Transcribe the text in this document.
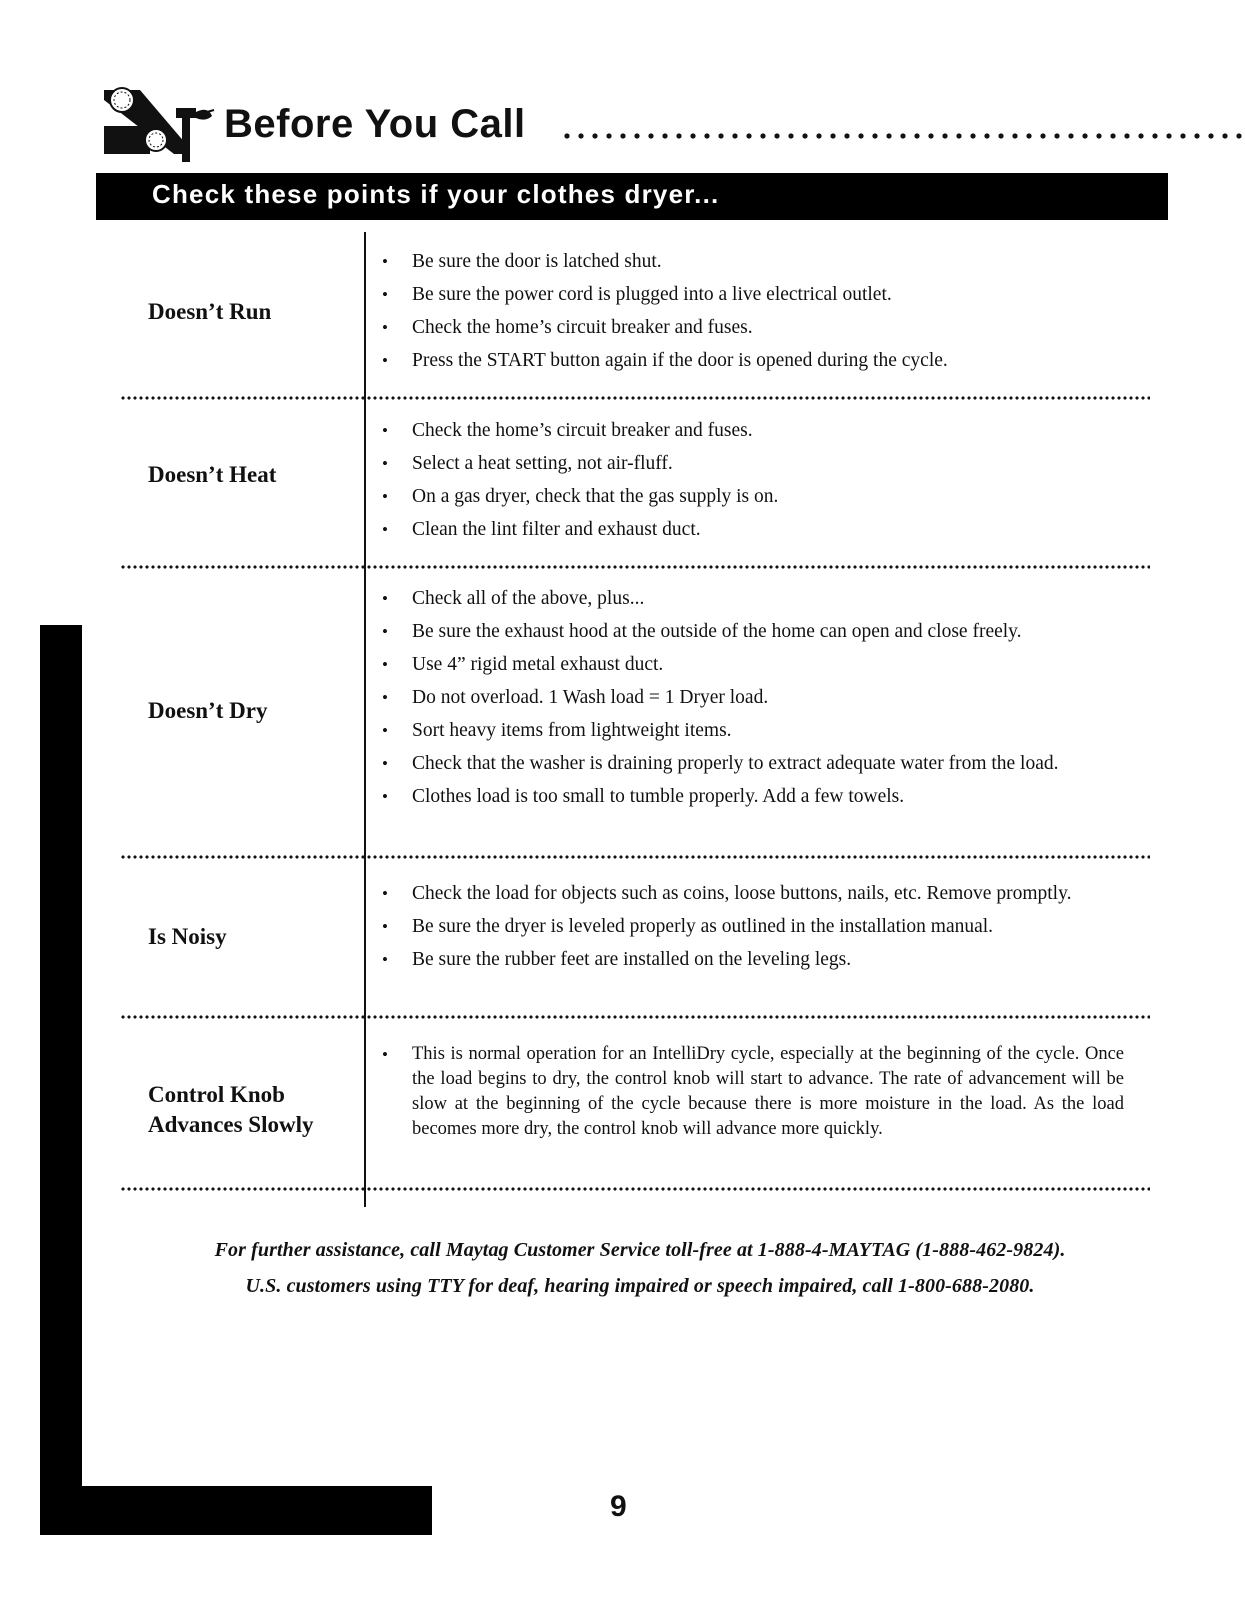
Before You Call
Check these points if your clothes dryer...
Doesn’t Run
• Be sure the door is latched shut.
• Be sure the power cord is plugged into a live electrical outlet.
• Check the home’s circuit breaker and fuses.
• Press the START button again if the door is opened during the cycle.
Doesn’t Heat
• Check the home’s circuit breaker and fuses.
• Select a heat setting, not air-fluff.
• On a gas dryer, check that the gas supply is on.
• Clean the lint filter and exhaust duct.
Doesn’t Dry
• Check all of the above, plus...
• Be sure the exhaust hood at the outside of the home can open and close freely.
• Use 4” rigid metal exhaust duct.
• Do not overload. 1 Wash load = 1 Dryer load.
• Sort heavy items from lightweight items.
• Check that the washer is draining properly to extract adequate water from the load.
• Clothes load is too small to tumble properly. Add a few towels.
Is Noisy
• Check the load for objects such as coins, loose buttons, nails, etc. Remove promptly.
• Be sure the dryer is leveled properly as outlined in the installation manual.
• Be sure the rubber feet are installed on the leveling legs.
Control Knob
Advances Slowly
• This is normal operation for an IntelliDry cycle, especially at the beginning of the cycle. Once the load begins to dry, the control knob will start to advance. The rate of advancement will be slow at the beginning of the cycle because there is more moisture in the load. As the load becomes more dry, the control knob will advance more quickly.
For further assistance, call Maytag Customer Service toll-free at 1-888-4-MAYTAG (1-888-462-9824).
U.S. customers using TTY for deaf, hearing impaired or speech impaired, call 1-800-688-2080.
9
